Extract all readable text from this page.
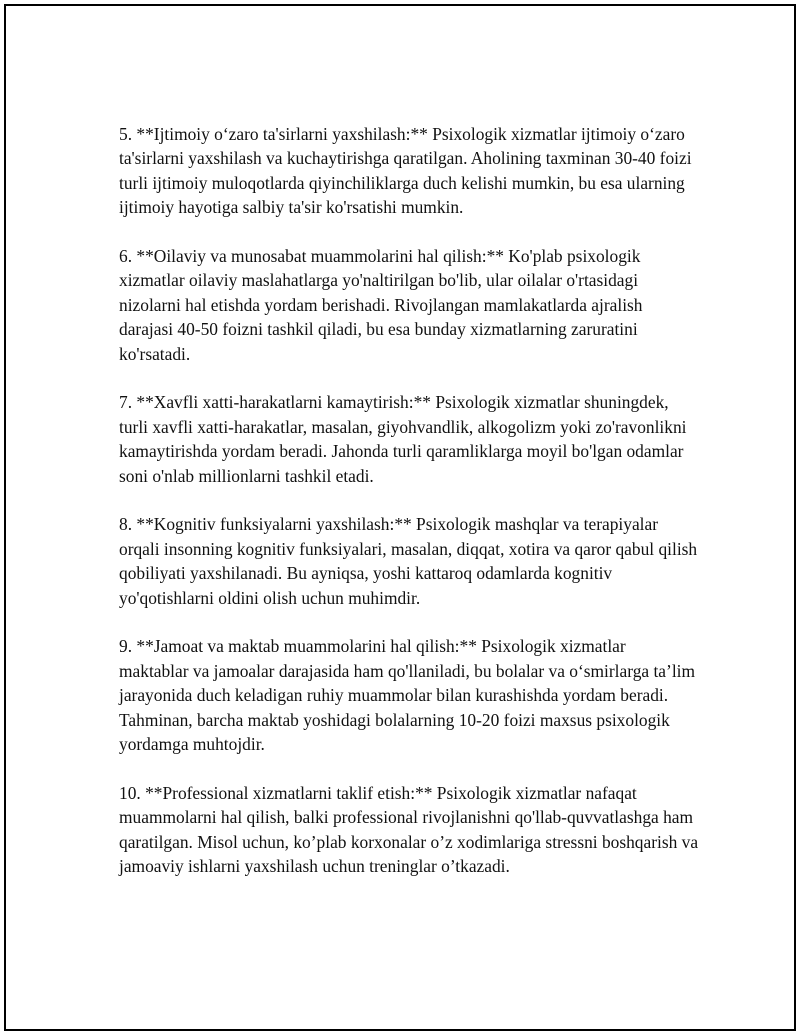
5. **Ijtimoiy o‘zaro ta'sirlarni yaxshilash:** Psixologik xizmatlar ijtimoiy o‘zaro ta'sirlarni yaxshilash va kuchaytirishga qaratilgan. Aholining taxminan 30-40 foizi turli ijtimoiy muloqotlarda qiyinchiliklarga duch kelishi mumkin, bu esa ularning ijtimoiy hayotiga salbiy ta'sir ko'rsatishi mumkin.

6. **Oilaviy va munosabat muammolarini hal qilish:** Ko'plab psixologik xizmatlar oilaviy maslahatlarga yo'naltirilgan bo'lib, ular oilalar o'rtasidagi nizolarni hal etishda yordam berishadi. Rivojlangan mamlakatlarda ajralish darajasi 40-50 foizni tashkil qiladi, bu esa bunday xizmatlarning zaruratini ko'rsatadi.

7. **Xavfli xatti-harakatlarni kamaytirish:** Psixologik xizmatlar shuningdek, turli xavfli xatti-harakatlar, masalan, giyohvandlik, alkogolizm yoki zo'ravonlikni kamaytirishda yordam beradi. Jahonda turli qaramliklarga moyil bo'lgan odamlar soni o'nlab millionlarni tashkil etadi.

8. **Kognitiv funksiyalarni yaxshilash:** Psixologik mashqlar va terapiyalar orqali insonning kognitiv funksiyalari, masalan, diqqat, xotira va qaror qabul qilish qobiliyati yaxshilanadi. Bu ayniqsa, yoshi kattaroq odamlarda kognitiv yo'qotishlarni oldini olish uchun muhimdir.

9. **Jamoat va maktab muammolarini hal qilish:** Psixologik xizmatlar maktablar va jamoalar darajasida ham qo'llaniladi, bu bolalar va o‘smirlarga ta’lim jarayonida duch keladigan ruhiy muammolar bilan kurashishda yordam beradi. Tahminan, barcha maktab yoshidagi bolalarning 10-20 foizi maxsus psixologik yordamga muhtojdir.

10. **Professional xizmatlarni taklif etish:** Psixologik xizmatlar nafaqat muammolarni hal qilish, balki professional rivojlanishni qo'llab-quvvatlashga ham qaratilgan. Misol uchun, ko’plab korxonalar o’z xodimlariga stressni boshqarish va jamoaviy ishlarni yaxshilash uchun treninglar o’tkazadi.
